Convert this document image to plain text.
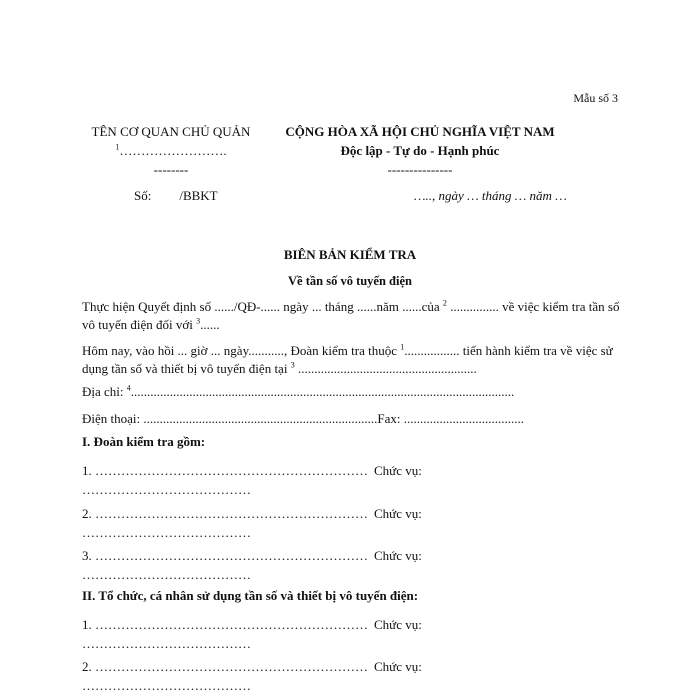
Mẫu số 3
TÊN CƠ QUAN CHỦ QUẢN
$^1$…………………….
--------
CỘNG HÒA XÃ HỘI CHỦ NGHĨA VIỆT NAM
Độc lập - Tự do - Hạnh phúc
---------------
Số: /BBKT	….., ngày … tháng … năm …
BIÊN BẢN KIỂM TRA
Về tần số vô tuyến điện
Thực hiện Quyết định số ....../QĐ-...... ngày ... tháng ......năm ......của $^2$ ............... về việc kiểm tra tần số vô tuyến điện đối với $^3$......
Hôm nay, vào hồi ... giờ ... ngày..........., Đoàn kiểm tra thuộc $^1$................. tiến hành kiểm tra về việc sử dụng tần số và thiết bị vô tuyến điện tại $^3$ .......................................................
Địa chỉ: $^4$......................................................................................................................
Điện thoại: ........................................................................Fax: .....................................
I. Đoàn kiểm tra gồm:
1. ……………………………………………………… Chức vụ:
…………………………………
2. ……………………………………………………… Chức vụ:
…………………………………
3. ……………………………………………………… Chức vụ:
…………………………………
II. Tổ chức, cá nhân sử dụng tần số và thiết bị vô tuyến điện:
1. ……………………………………………………… Chức vụ:
…………………………………
2. ……………………………………………………… Chức vụ:
…………………………………
